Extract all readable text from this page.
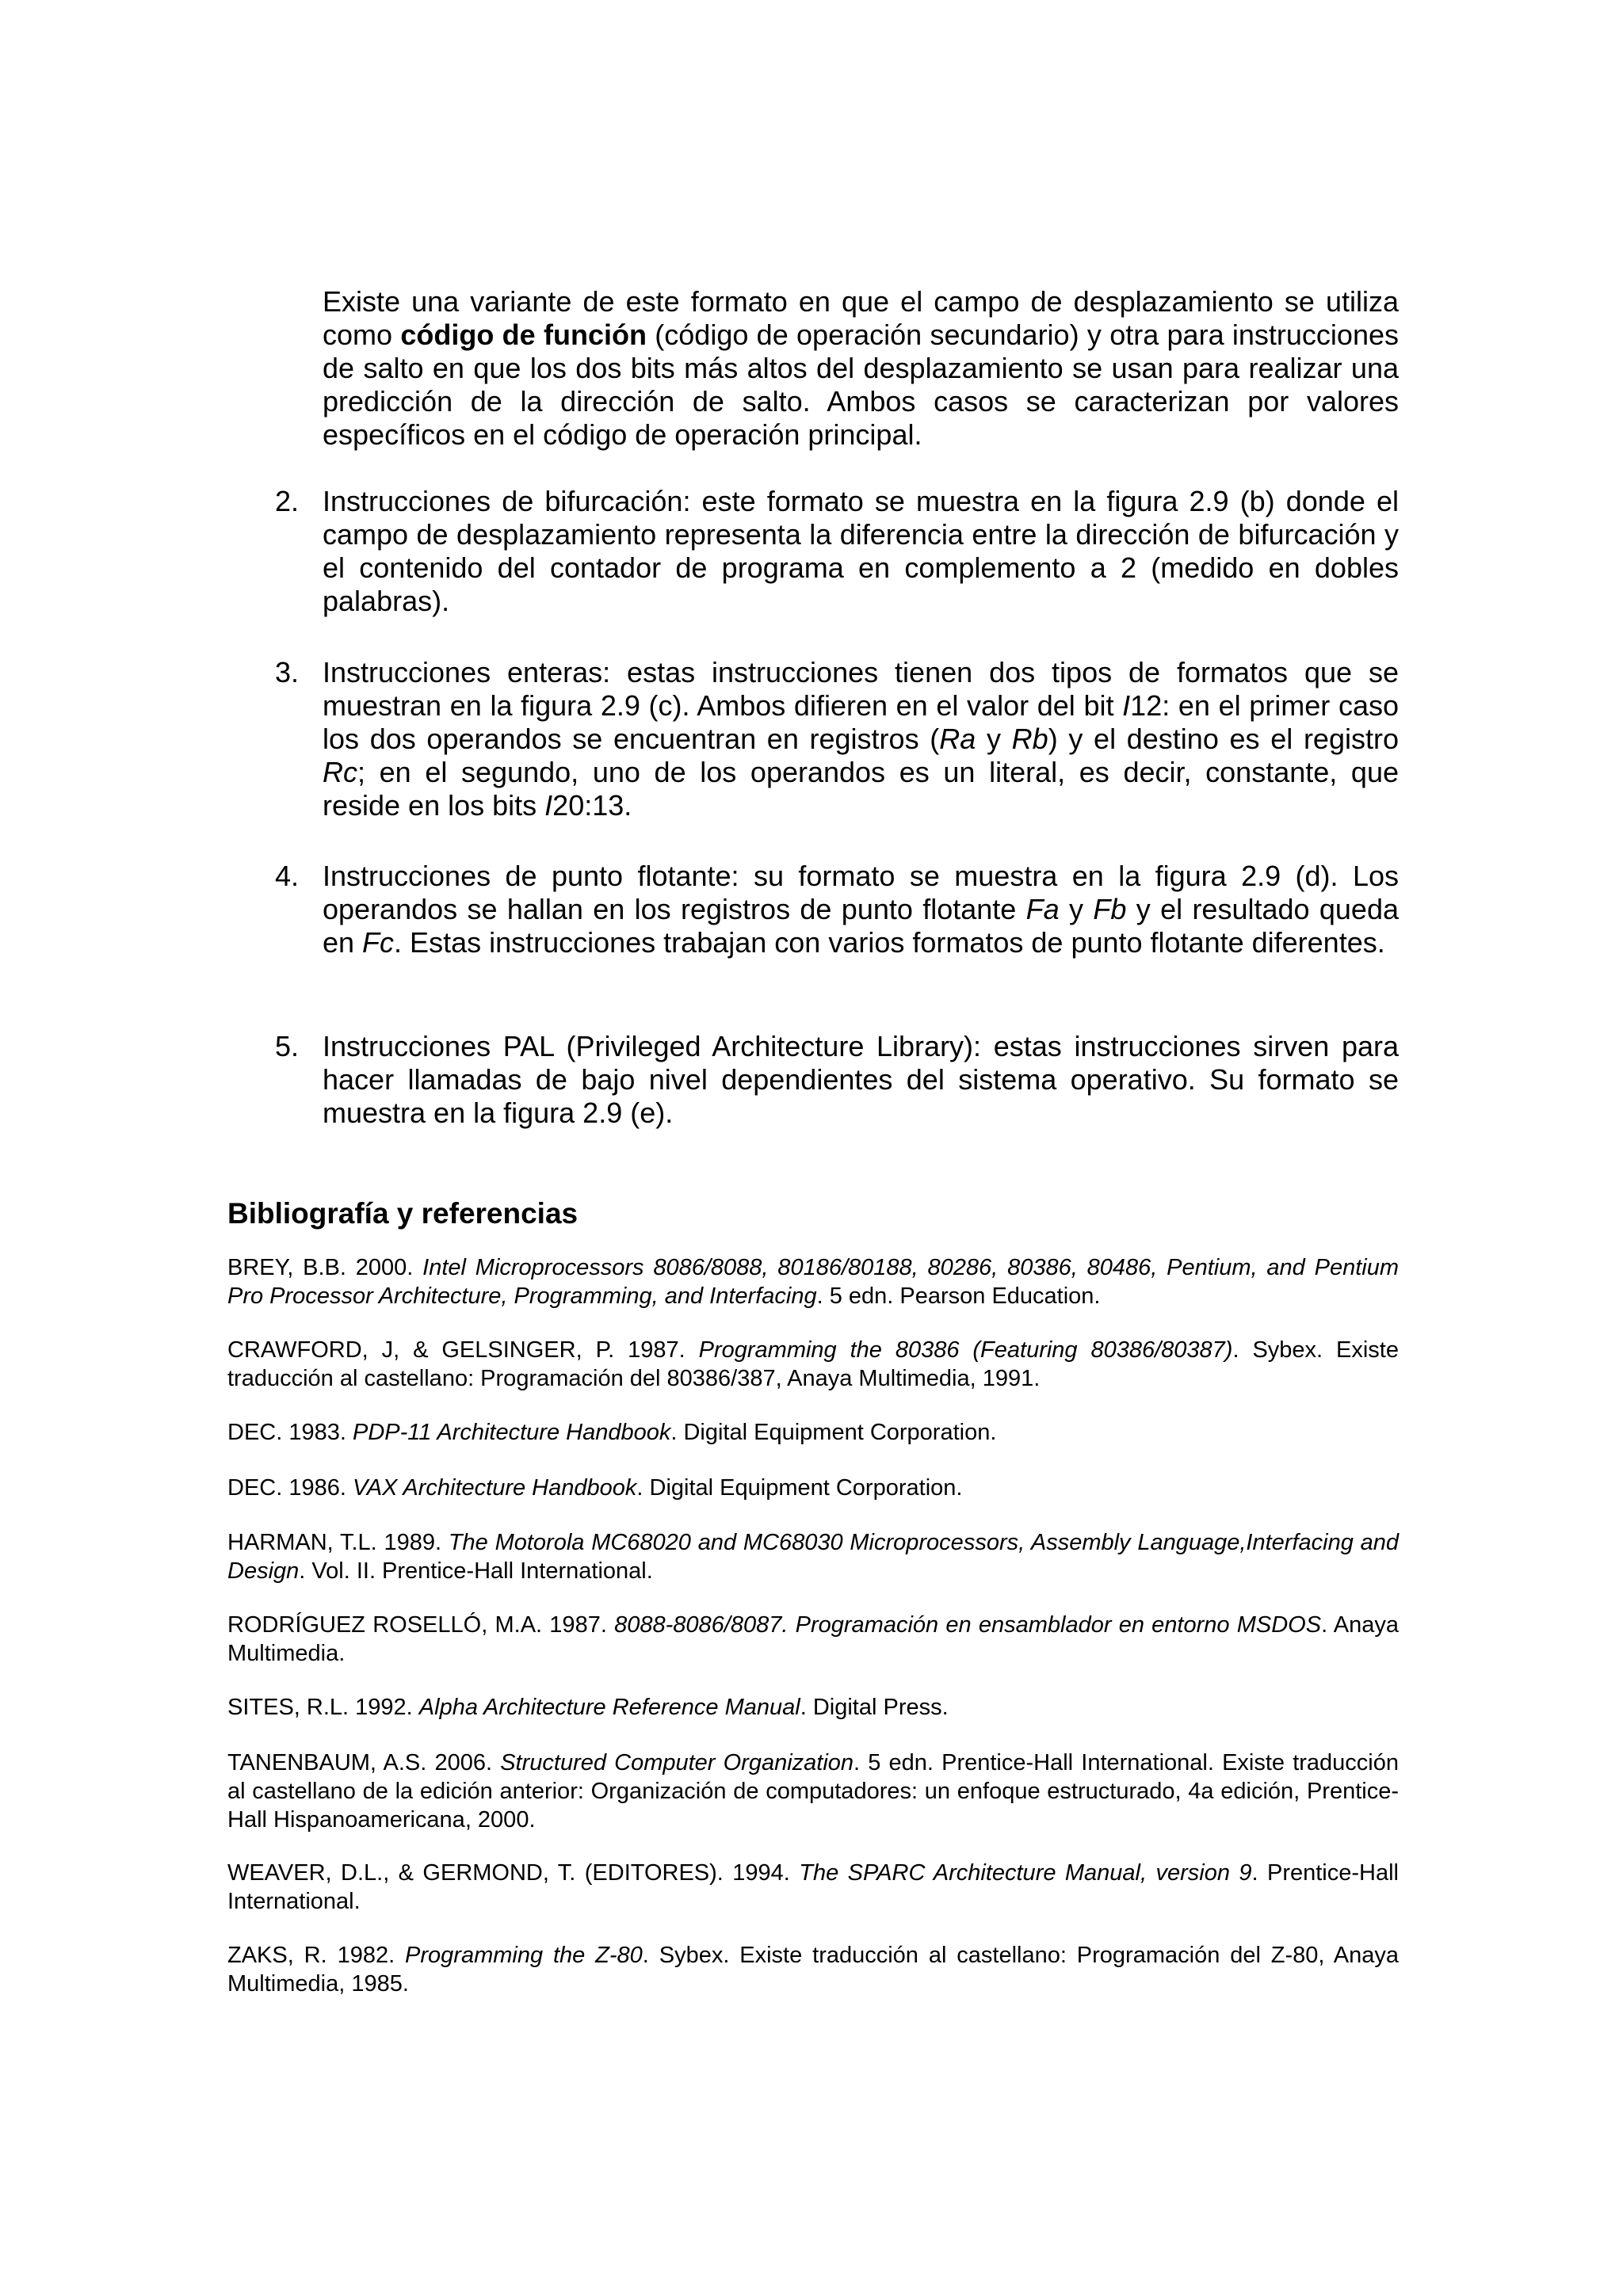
Existe una variante de este formato en que el campo de desplazamiento se utiliza como código de función (código de operación secundario) y otra para instrucciones de salto en que los dos bits más altos del desplazamiento se usan para realizar una predicción de la dirección de salto. Ambos casos se caracterizan por valores específicos en el código de operación principal.

2. Instrucciones de bifurcación: este formato se muestra en la figura 2.9 (b) donde el campo de desplazamiento representa la diferencia entre la dirección de bifurcación y el contenido del contador de programa en complemento a 2 (medido en dobles palabras).

3. Instrucciones enteras: estas instrucciones tienen dos tipos de formatos que se muestran en la figura 2.9 (c). Ambos difieren en el valor del bit I12: en el primer caso los dos operandos se encuentran en registros (Ra y Rb) y el destino es el registro Rc; en el segundo, uno de los operandos es un literal, es decir, constante, que reside en los bits I20:13.

4. Instrucciones de punto flotante: su formato se muestra en la figura 2.9 (d). Los operandos se hallan en los registros de punto flotante Fa y Fb y el resultado queda en Fc. Estas instrucciones trabajan con varios formatos de punto flotante diferentes.

5. Instrucciones PAL (Privileged Architecture Library): estas instrucciones sirven para hacer llamadas de bajo nivel dependientes del sistema operativo. Su formato se muestra en la figura 2.9 (e).

Bibliografía y referencias

BREY, B.B. 2000. Intel Microprocessors 8086/8088, 80186/80188, 80286, 80386, 80486, Pentium, and Pentium Pro Processor Architecture, Programming, and Interfacing. 5 edn. Pearson Education.

CRAWFORD, J, & GELSINGER, P. 1987. Programming the 80386 (Featuring 80386/80387). Sybex. Existe traducción al castellano: Programación del 80386/387, Anaya Multimedia, 1991.

DEC. 1983. PDP-11 Architecture Handbook. Digital Equipment Corporation.

DEC. 1986. VAX Architecture Handbook. Digital Equipment Corporation.

HARMAN, T.L. 1989. The Motorola MC68020 and MC68030 Microprocessors, Assembly Language,Interfacing and Design. Vol. II. Prentice-Hall International.

RODRÍGUEZ ROSELLÓ, M.A. 1987. 8088-8086/8087. Programación en ensamblador en entorno MSDOS. Anaya Multimedia.

SITES, R.L. 1992. Alpha Architecture Reference Manual. Digital Press.

TANENBAUM, A.S. 2006. Structured Computer Organization. 5 edn. Prentice-Hall International. Existe traducción al castellano de la edición anterior: Organización de computadores: un enfoque estructurado, 4a edición, Prentice-Hall Hispanoamericana, 2000.

WEAVER, D.L., & GERMOND, T. (EDITORES). 1994. The SPARC Architecture Manual, version 9. Prentice-Hall International.

ZAKS, R. 1982. Programming the Z-80. Sybex. Existe traducción al castellano: Programación del Z-80, Anaya Multimedia, 1985.
